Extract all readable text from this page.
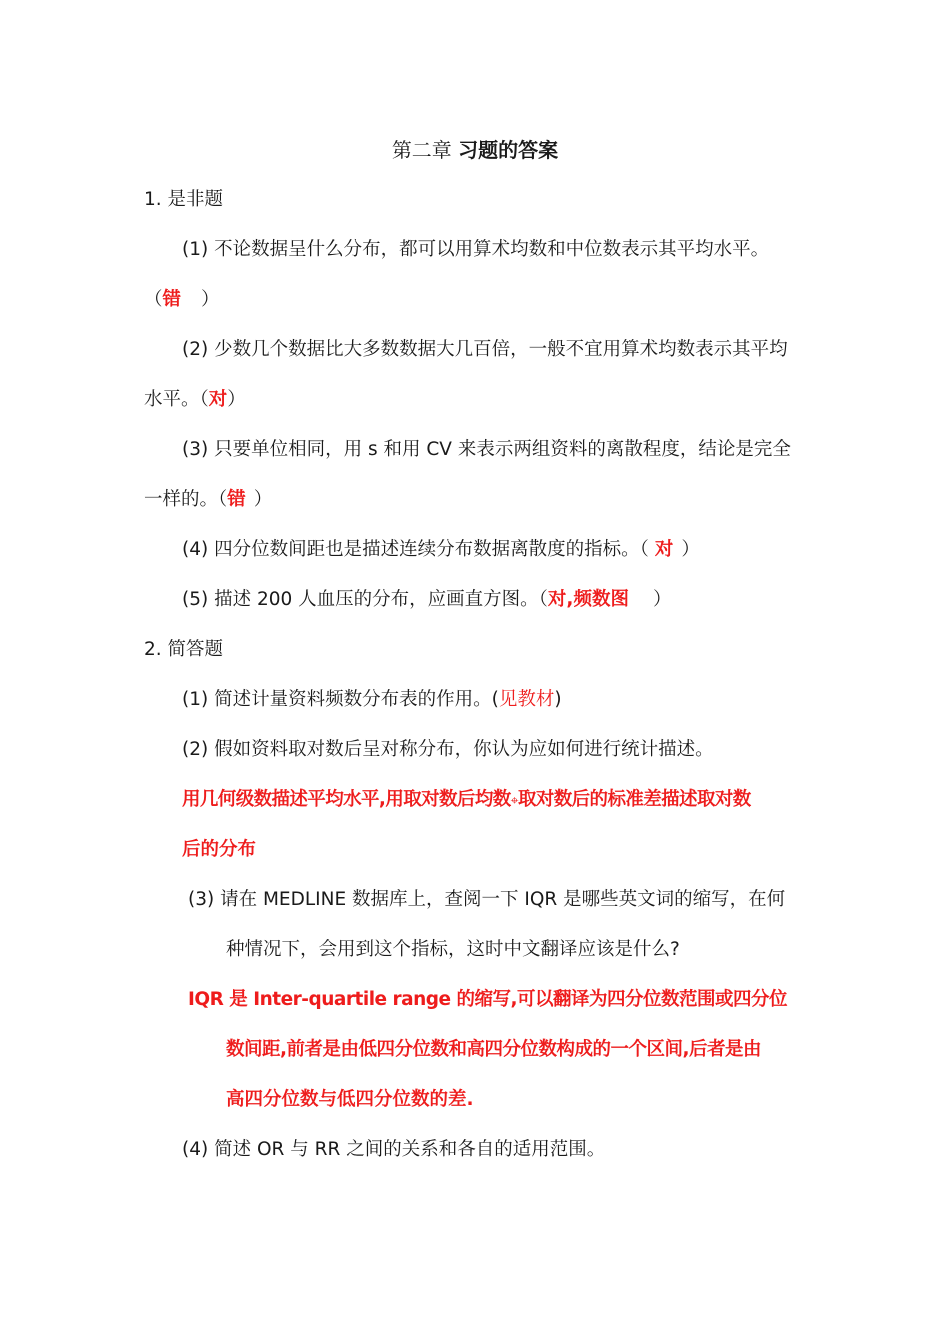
第二章 习题的答案
1. 是非题
(1) 不论数据呈什么分布，都可以用算术均数和中位数表示其平均水平。
（错 ）
(2) 少数几个数据比大多数数据大几百倍，一般不宜用算术均数表示其平均
水平。（对）
(3) 只要单位相同，用 s 和用 CV 来表示两组资料的离散程度，结论是完全
一样的。（错 ）
(4) 四分位数间距也是描述连续分布数据离散度的指标。（ 对 ）
(5) 描述 200 人血压的分布，应画直方图。（对,频数图 ）
2. 简答题
(1) 简述计量资料频数分布表的作用。(见教材)
(2) 假如资料取对数后呈对称分布，你认为应如何进行统计描述。
用几何级数描述平均水平,用取对数后均数⌖取对数后的标准差描述取对数
后的分布
(3) 请在 MEDLINE 数据库上，查阅一下 IQR 是哪些英文词的缩写，在何
种情况下，会用到这个指标，这时中文翻译应该是什么?
IQR 是 Inter-quartile range 的缩写,可以翻译为四分位数范围或四分位
数间距,前者是由低四分位数和高四分位数构成的一个区间,后者是由
高四分位数与低四分位数的差.
(4) 简述 OR 与 RR 之间的关系和各自的适用范围。
